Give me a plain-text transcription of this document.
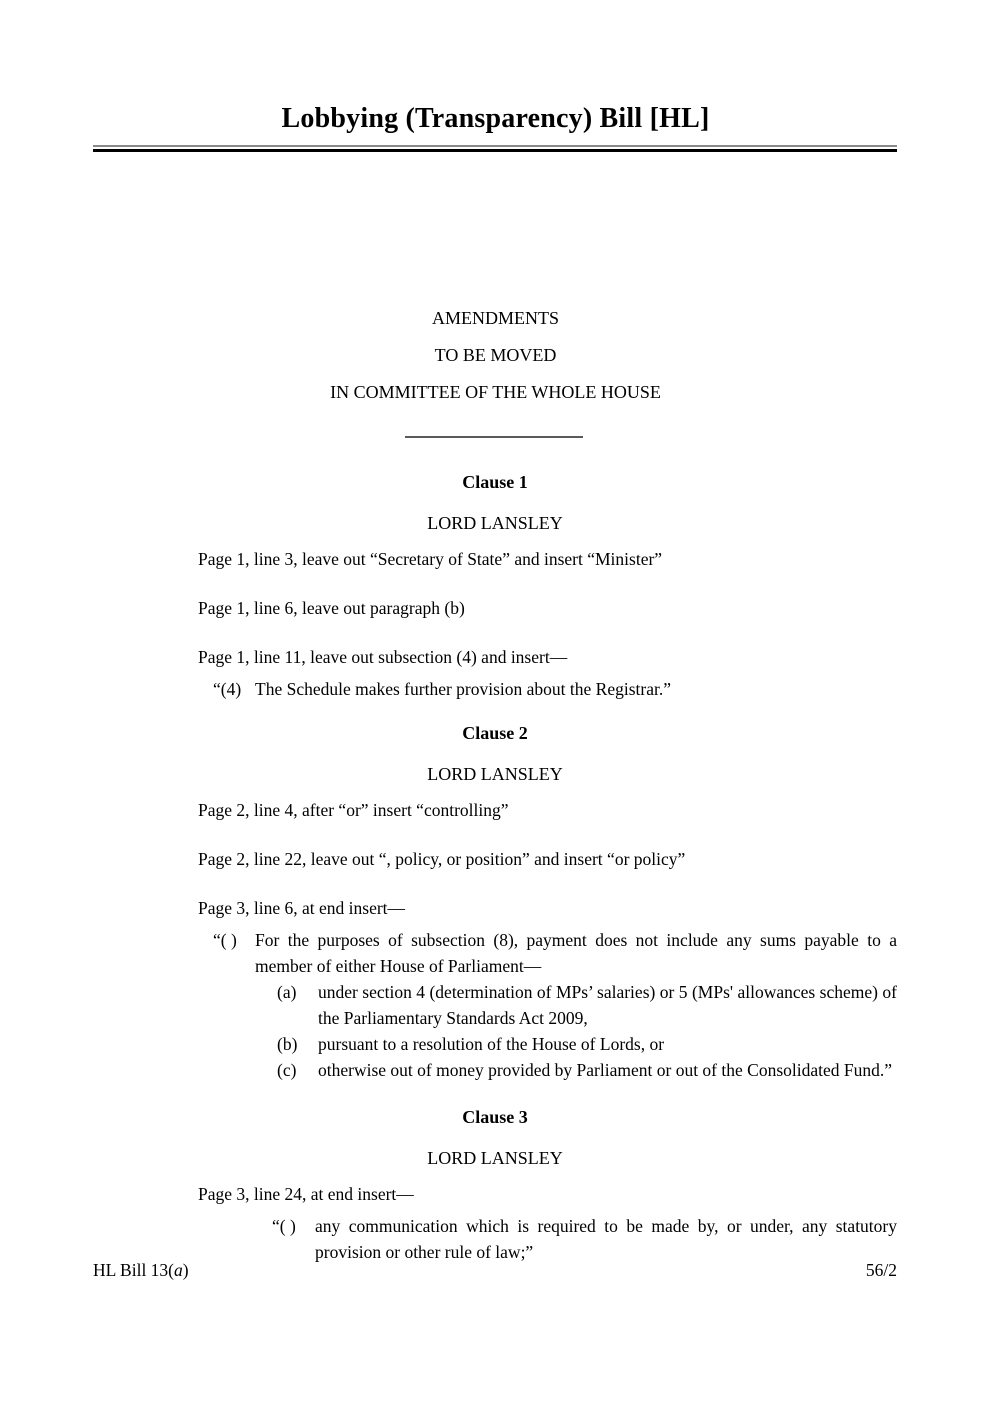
Lobbying (Transparency) Bill [HL]

AMENDMENTS

TO BE MOVED

IN COMMITTEE OF THE WHOLE HOUSE

Clause 1
LORD LANSLEY

Page 1, line 3, leave out “Secretary of State” and insert “Minister”

Page 1, line 6, leave out paragraph (b)

Page 1, line 11, leave out subsection (4) and insert—

“(4) The Schedule makes further provision about the Registrar.”
Clause 2
LORD LANSLEY

Page 2, line 4, after “or” insert “controlling”

Page 2, line 22, leave out “, policy, or position” and insert “or policy”

Page 3, line 6, at end insert—

“( )	For the purposes of subsection (8), payment does not include any sums payable to a member of either House of Parliament—
(a)	under section 4 (determination of MPs’ salaries) or 5 (MPs' allowances scheme) of the Parliamentary Standards Act 2009,
(b)	pursuant to a resolution of the House of Lords, or
(c)	otherwise out of money provided by Parliament or out of the Consolidated Fund.”
Clause 3
LORD LANSLEY

Page 3, line 24, at end insert—

“( )	any communication which is required to be made by, or under, any statutory provision or other rule of law;”
HL Bill 13(a)	56/2
